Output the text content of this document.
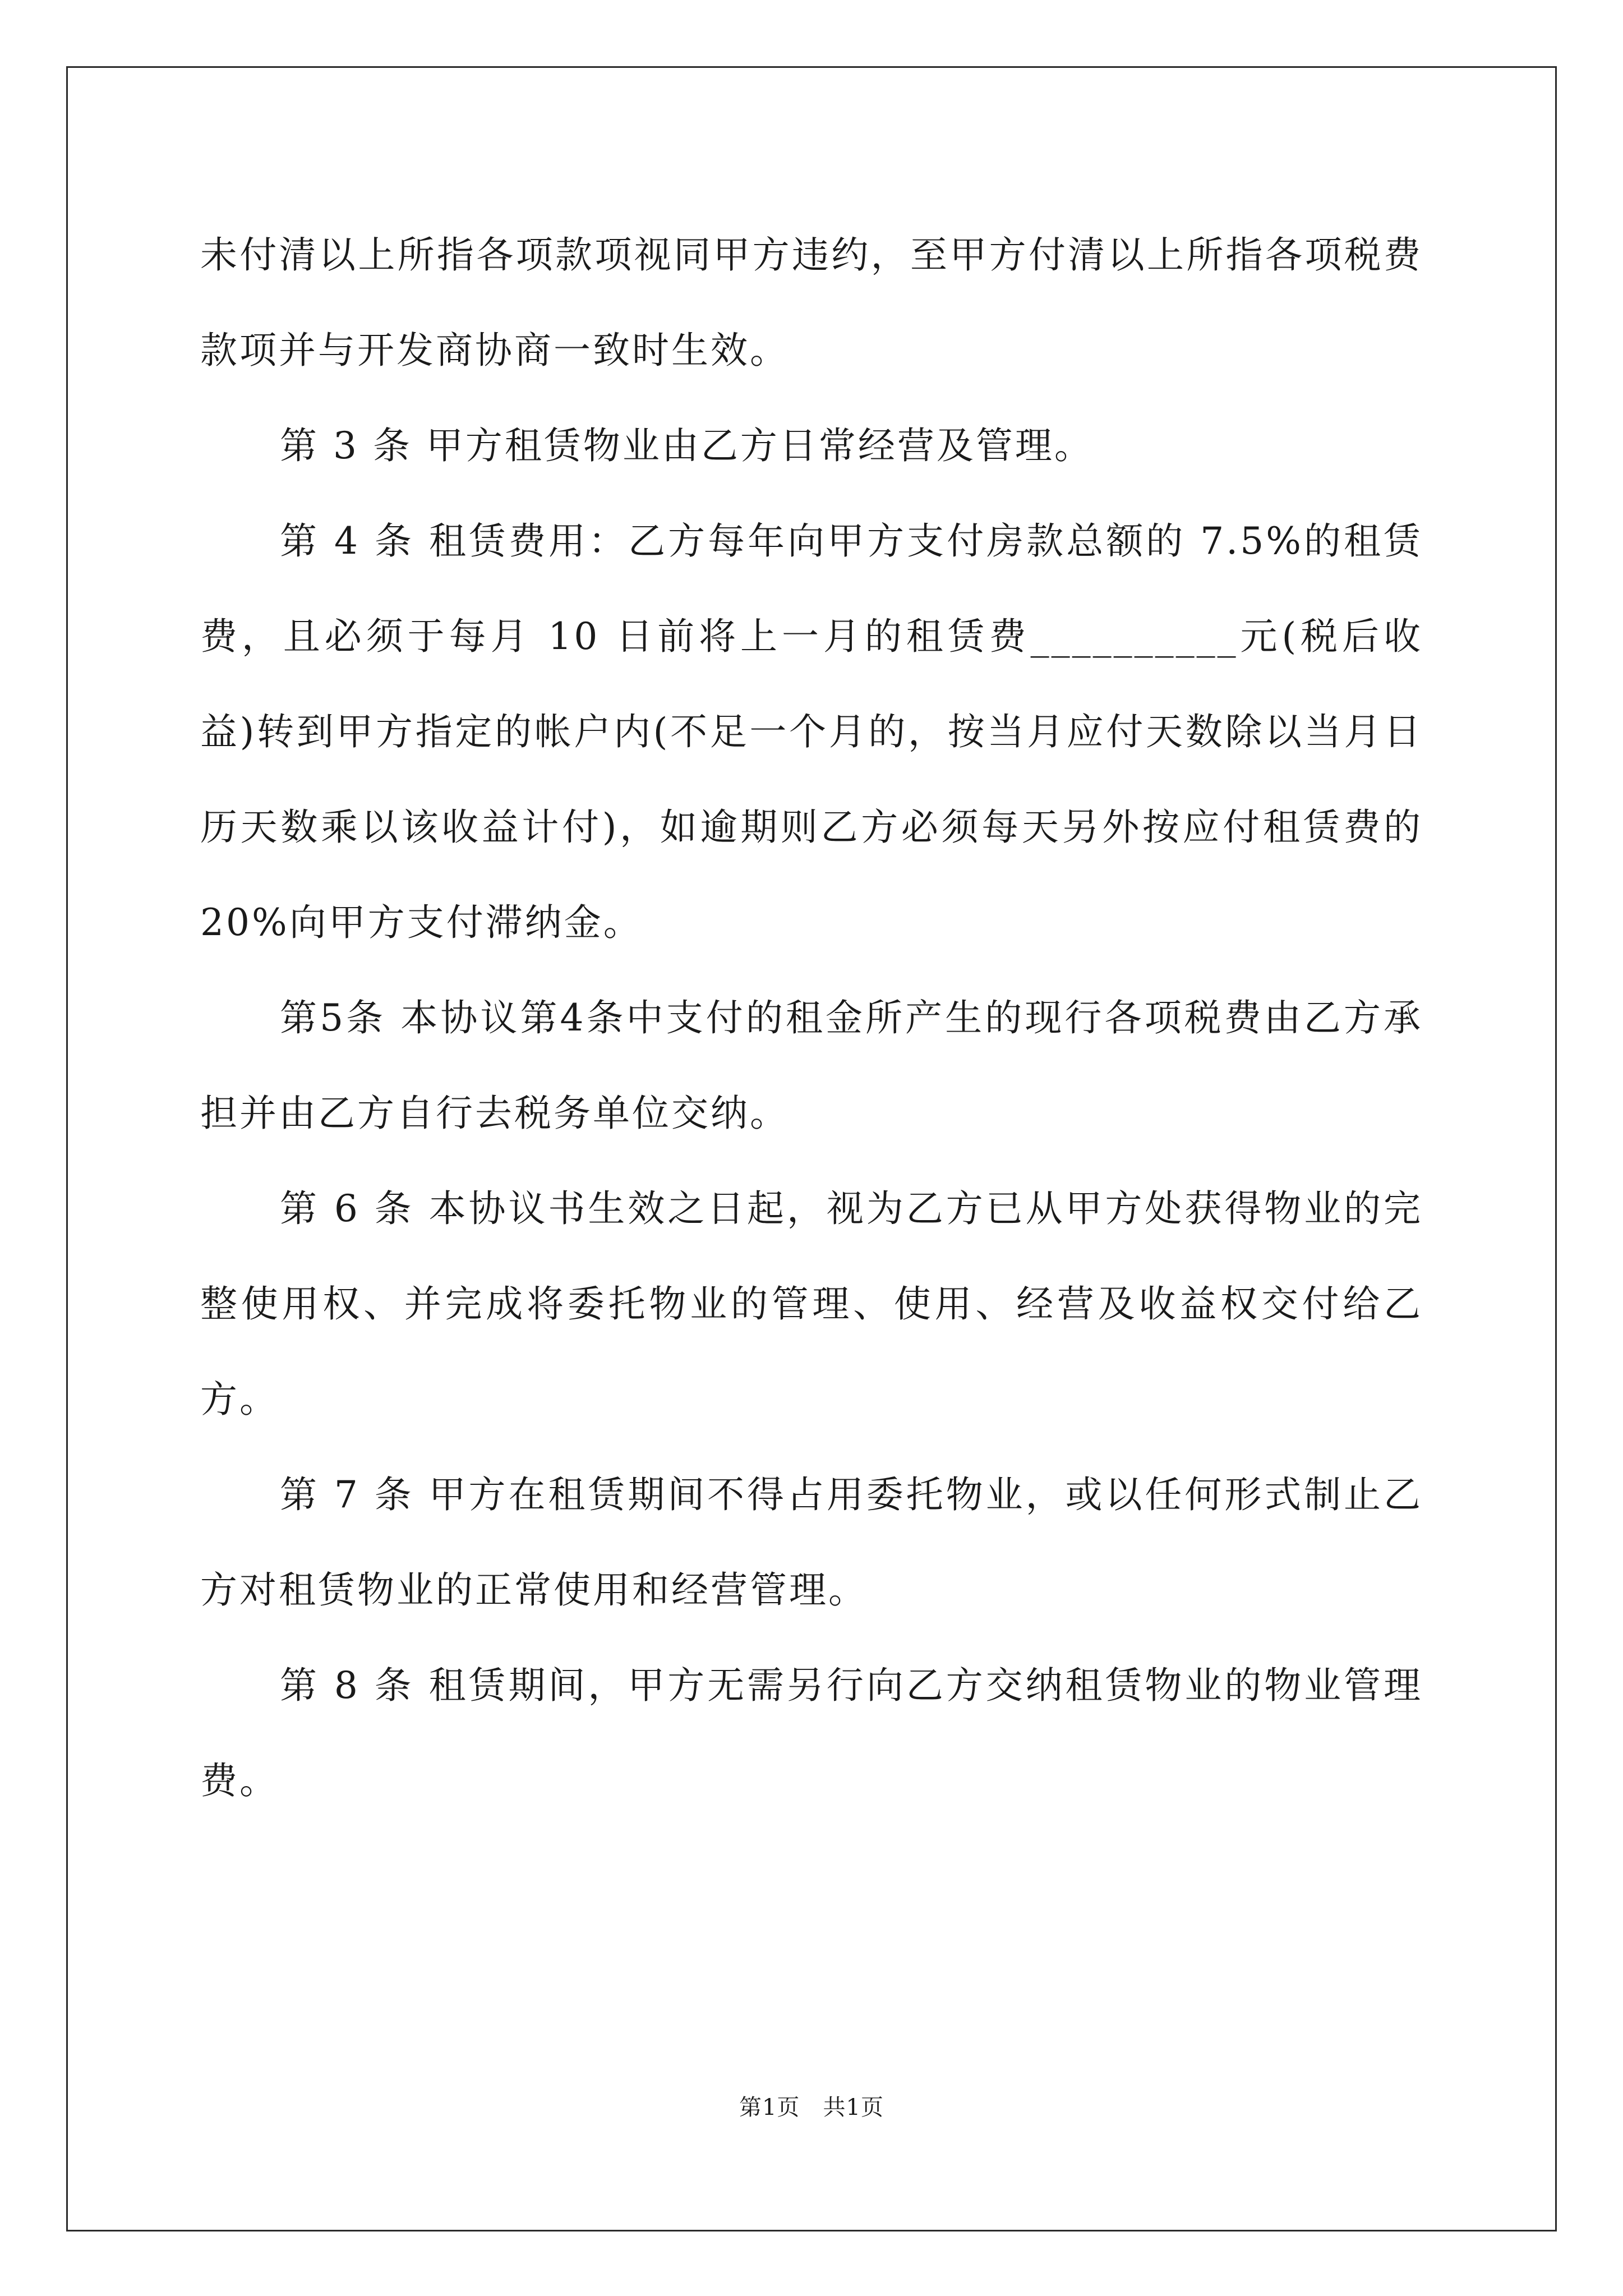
未付清以上所指各项款项视同甲方违约，至甲方付清以上所指各项税费款项并与开发商协商一致时生效。

第 3 条 甲方租赁物业由乙方日常经营及管理。

第 4 条 租赁费用：乙方每年向甲方支付房款总额的 7.5%的租赁费，且必须于每月 10 日前将上一月的租赁费__________元(税后收益)转到甲方指定的帐户内(不足一个月的，按当月应付天数除以当月日历天数乘以该收益计付)，如逾期则乙方必须每天另外按应付租赁费的20%向甲方支付滞纳金。

第5条 本协议第4条中支付的租金所产生的现行各项税费由乙方承担并由乙方自行去税务单位交纳。

第 6 条 本协议书生效之日起，视为乙方已从甲方处获得物业的完整使用权、并完成将委托物业的管理、使用、经营及收益权交付给乙方。

第 7 条 甲方在租赁期间不得占用委托物业，或以任何形式制止乙方对租赁物业的正常使用和经营管理。

第 8 条 租赁期间，甲方无需另行向乙方交纳租赁物业的物业管理费。

第1页   共1页
